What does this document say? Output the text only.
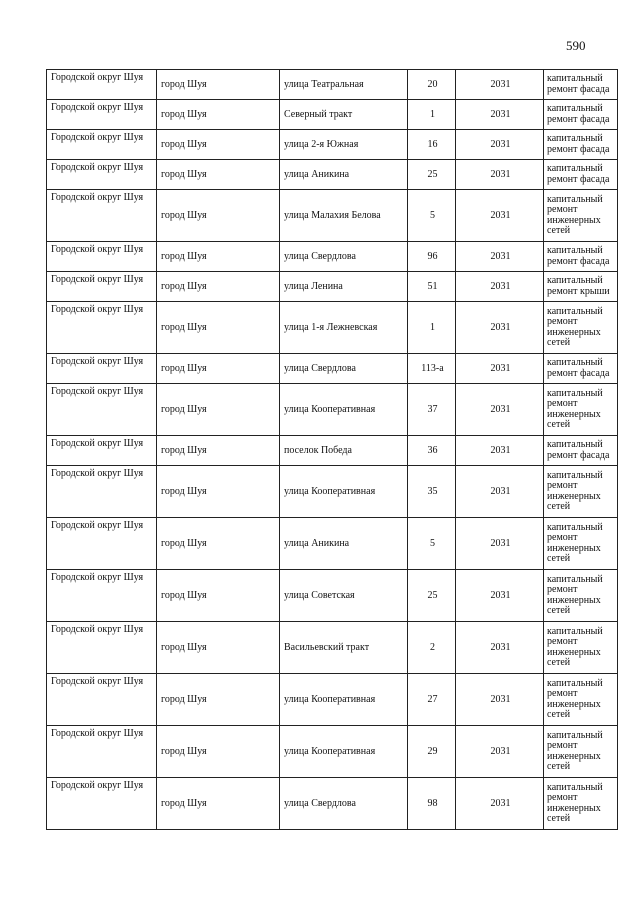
590
Городской округ Шуя	город Шуя	улица Театральная	20	2031	капитальный ремонт фасада
Городской округ Шуя	город Шуя	Северный тракт	1	2031	капитальный ремонт фасада
Городской округ Шуя	город Шуя	улица 2-я Южная	16	2031	капитальный ремонт фасада
Городской округ Шуя	город Шуя	улица Аникина	25	2031	капитальный ремонт фасада
Городской округ Шуя	город Шуя	улица Малахия Белова	5	2031	капитальный ремонт инженерных сетей
Городской округ Шуя	город Шуя	улица Свердлова	96	2031	капитальный ремонт фасада
Городской округ Шуя	город Шуя	улица Ленина	51	2031	капитальный ремонт крыши
Городской округ Шуя	город Шуя	улица 1-я Лежневская	1	2031	капитальный ремонт инженерных сетей
Городской округ Шуя	город Шуя	улица Свердлова	113-а	2031	капитальный ремонт фасада
Городской округ Шуя	город Шуя	улица Кооперативная	37	2031	капитальный ремонт инженерных сетей
Городской округ Шуя	город Шуя	поселок Победа	36	2031	капитальный ремонт фасада
Городской округ Шуя	город Шуя	улица Кооперативная	35	2031	капитальный ремонт инженерных сетей
Городской округ Шуя	город Шуя	улица Аникина	5	2031	капитальный ремонт инженерных сетей
Городской округ Шуя	город Шуя	улица Советская	25	2031	капитальный ремонт инженерных сетей
Городской округ Шуя	город Шуя	Васильевский тракт	2	2031	капитальный ремонт инженерных сетей
Городской округ Шуя	город Шуя	улица Кооперативная	27	2031	капитальный ремонт инженерных сетей
Городской округ Шуя	город Шуя	улица Кооперативная	29	2031	капитальный ремонт инженерных сетей
Городской округ Шуя	город Шуя	улица Свердлова	98	2031	капитальный ремонт инженерных сетей
